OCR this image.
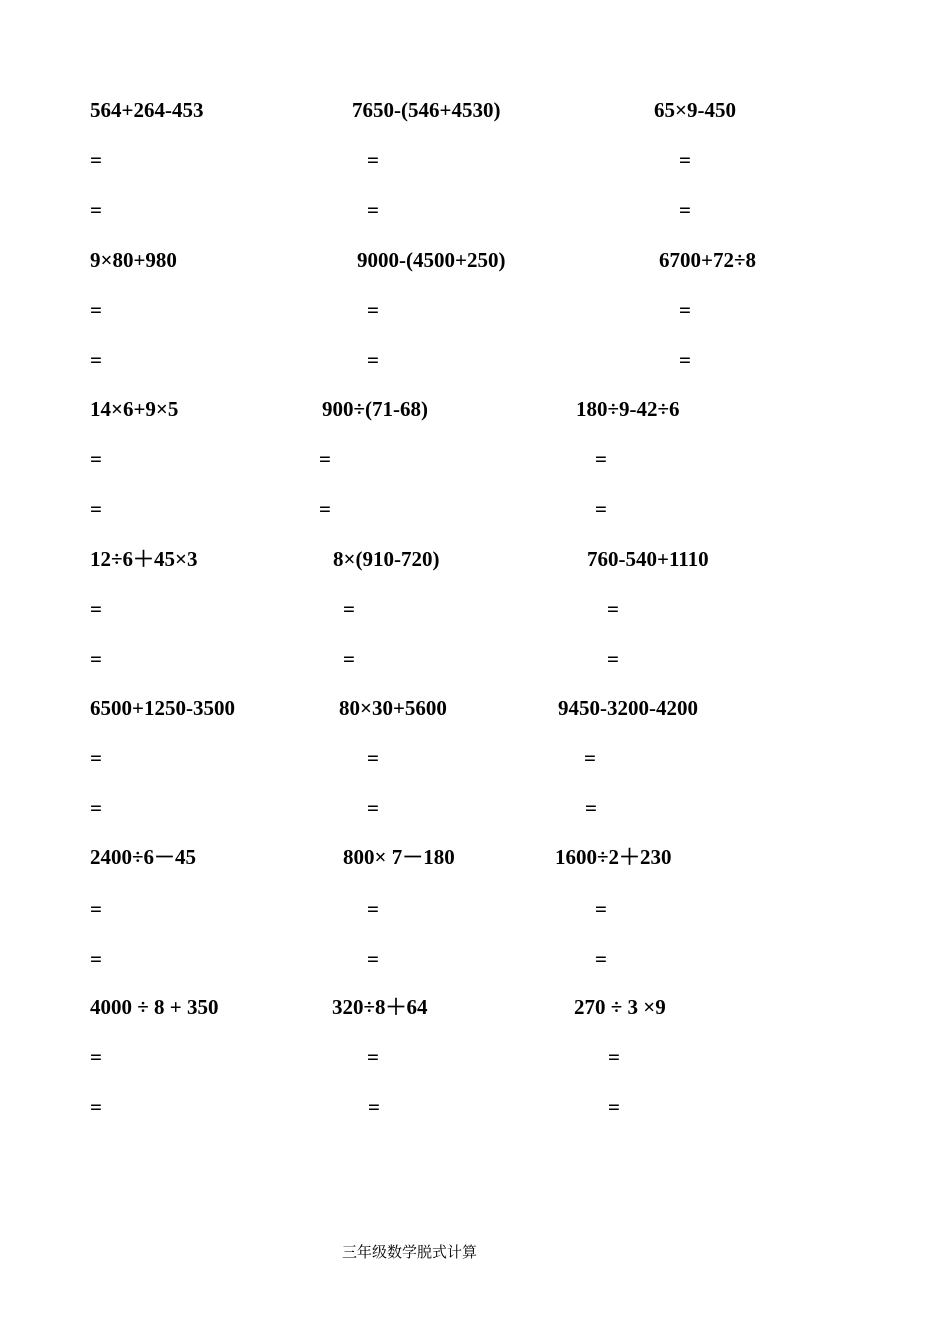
564+264-453
=
=
7650-(546+4530)
=
=
65×9-450
=
=
9×80+980
=
=
9000-(4500+250)
=
=
6700+72÷8
=
=
14×6+9×5
=
=
900÷(71-68)
=
=
180÷9-42÷6
=
=
12÷6＋45×3
=
=
8×(910-720)
=
=
760-540+1110
=
=
6500+1250-3500
=
=
80×30+5600
=
=
9450-3200-4200
=
=
2400÷6－45
=
=
800× 7－180
=
=
1600÷2＋230
=
=
4000 ÷ 8 + 350
=
=
320÷8＋64
=
=
270 ÷ 3 ×9
=
=
三年级数学脱式计算
